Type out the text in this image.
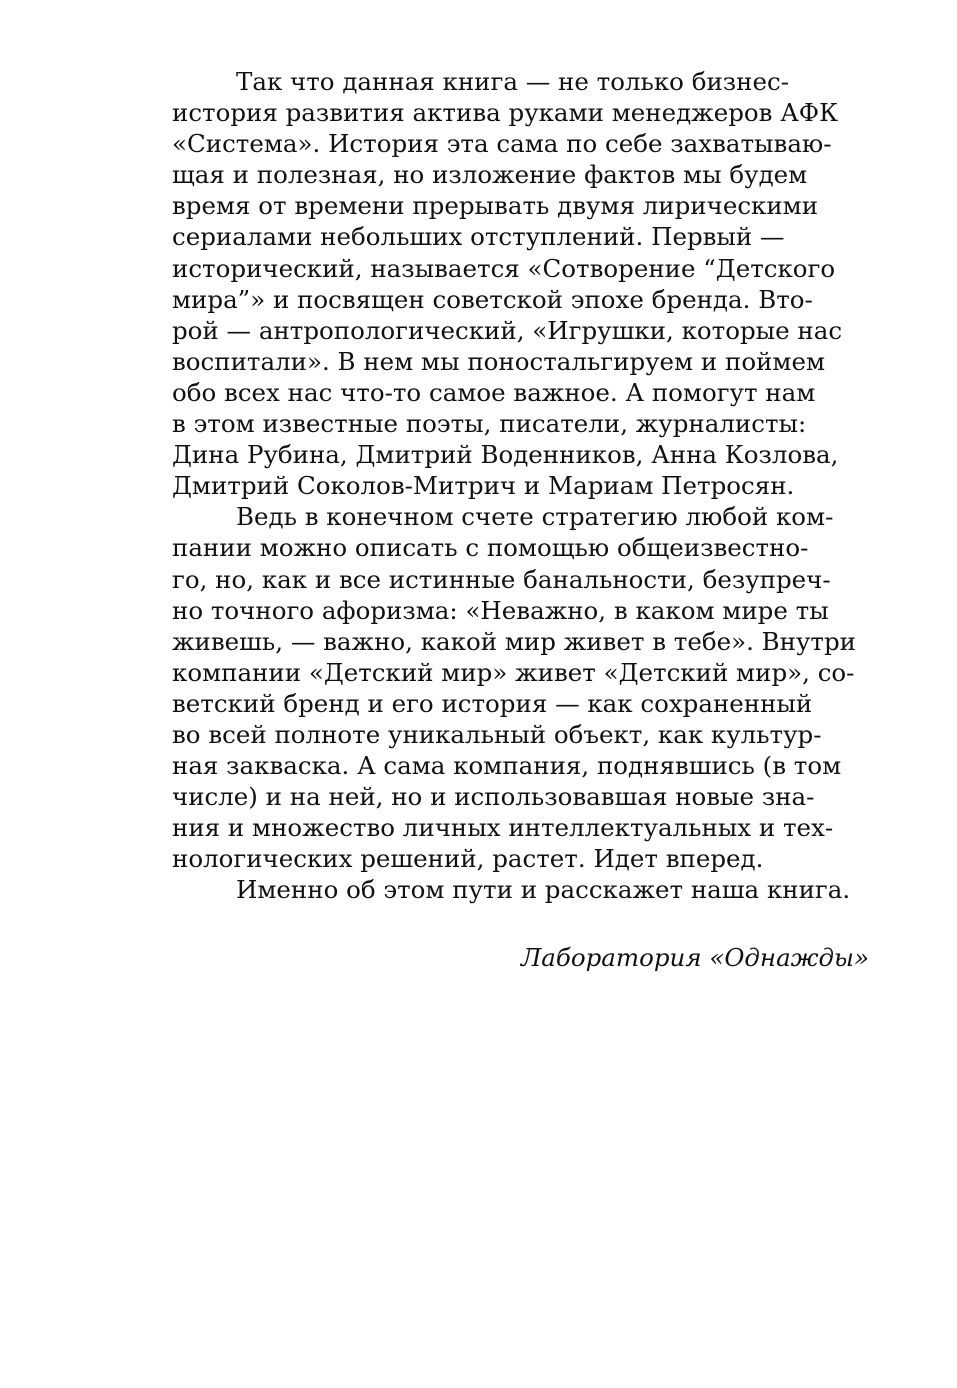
Так что данная книга — не только бизнес-
история развития актива руками менеджеров АФК
«Система». История эта сама по себе захватываю-
щая и полезная, но изложение фактов мы будем
время от времени прерывать двумя лирическими
сериалами небольших отступлений. Первый —
исторический, называется «Сотворение “Детского
мира”» и посвящен советской эпохе бренда. Вто-
рой — антропологический, «Игрушки, которые нас
воспитали». В нем мы поностальгируем и поймем
обо всех нас что-то самое важное. А помогут нам
в этом известные поэты, писатели, журналисты:
Дина Рубина, Дмитрий Воденников, Анна Козлова,
Дмитрий Соколов-Митрич и Мариам Петросян.
Ведь в конечном счете стратегию любой ком-
пании можно описать с помощью общеизвестно-
го, но, как и все истинные банальности, безупреч-
но точного афоризма: «Неважно, в каком мире ты
живешь, — важно, какой мир живет в тебе». Внутри
компании «Детский мир» живет «Детский мир», со-
ветский бренд и его история — как сохраненный
во всей полноте уникальный объект, как культур-
ная закваска. А сама компания, поднявшись (в том
числе) и на ней, но и использовавшая новые зна-
ния и множество личных интеллектуальных и тех-
нологических решений, растет. Идет вперед.
Именно об этом пути и расскажет наша книга.
Лаборатория «Однажды»
